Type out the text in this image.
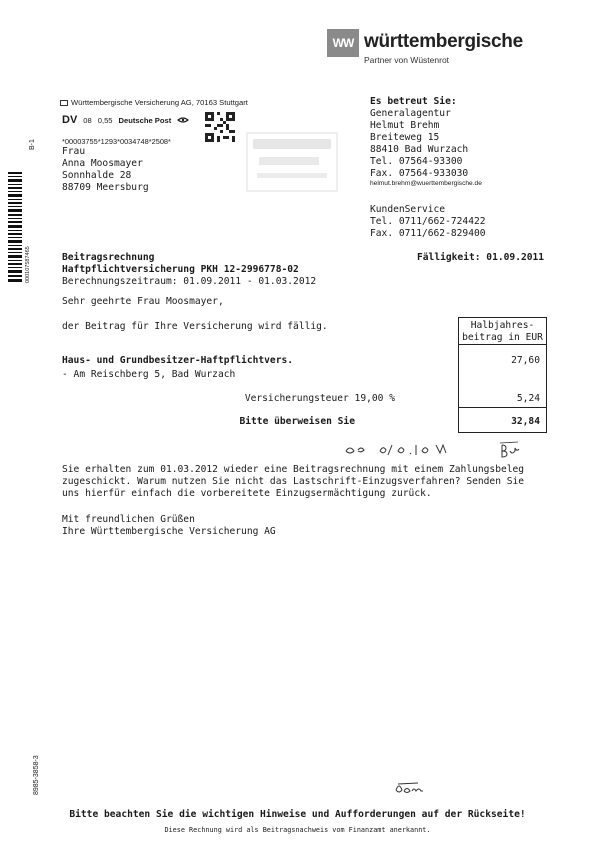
WW württembergische
Partner von Wüstenrot
Württembergische Versicherung AG, 70163 Stuttgart
DV 08 0,55 Deutsche Post
*00003755*1293*0034748*2508*
Frau
Anna Moosmayer
Sonnhalde 28
88709 Meersburg
Es betreut Sie:
Generalagentur
Helmut Brehm
Breiteweg 15
88410 Bad Wurzach
Tel. 07564-93300
Fax. 07564-933030
helmut.brehm@wuerttembergische.de
KundenService
Tel. 0711/662-724422
Fax. 0711/662-829400
B-1
000107587465
8985-3858-3
Beitragsrechnung
Haftpflichtversicherung PKH 12-2996778-02
Berechnungszeitraum: 01.09.2011 - 01.03.2012
Fälligkeit: 01.09.2011
Sehr geehrte Frau Moosmayer,
der Beitrag für Ihre Versicherung wird fällig.	Halbjahres-
beitrag in EUR
Haus- und Grundbesitzer-Haftpflichtvers.
- Am Reischberg 5, Bad Wurzach
27,60
Versicherungsteuer 19,00 %	5,24
Bitte überweisen Sie	32,84
Sie erhalten zum 01.03.2012 wieder eine Beitragsrechnung mit einem Zahlungsbeleg
zugeschickt. Warum nutzen Sie nicht das Lastschrift-Einzugsverfahren? Senden Sie
uns hierfür einfach die vorbereitete Einzugsermächtigung zurück.
Mit freundlichen Grüßen
Ihre Württembergische Versicherung AG
Bitte beachten Sie die wichtigen Hinweise und Aufforderungen auf der Rückseite!
Diese Rechnung wird als Beitragsnachweis vom Finanzamt anerkannt.
